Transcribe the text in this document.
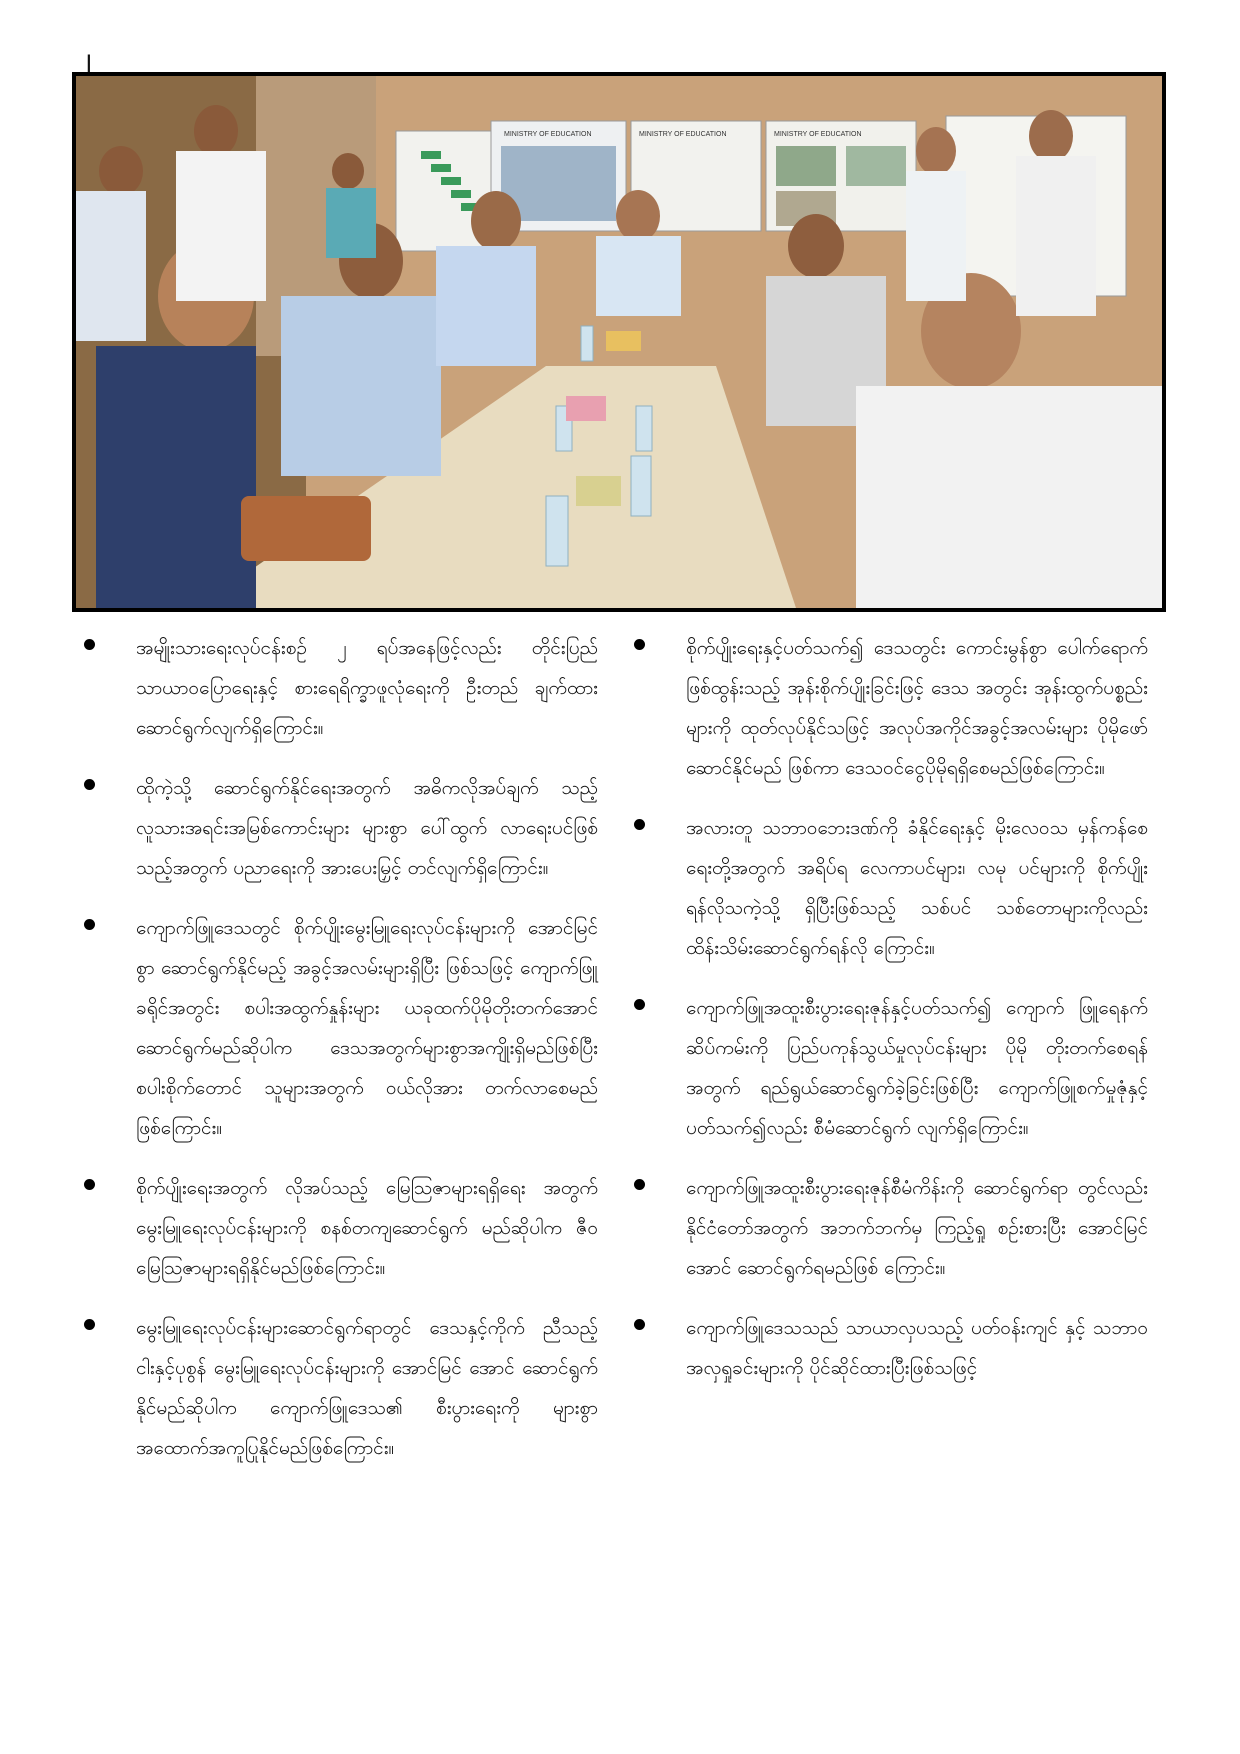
၂
MINISTRY OF EDUCATION	MINISTRY OF EDUCATION	MINISTRY OF EDUCATION
အမျိုးသားရေးလုပ်ငန်းစဉ် ၂ ရပ်အနေဖြင့်လည်း တိုင်းပြည် သာယာဝပြောရေးနှင့် စားရေရိက္ခာဖူလုံရေးကို ဦးတည် ချက်ထား ဆောင်ရွက်လျက်ရှိကြောင်း။
ထိုကဲ့သို့ ဆောင်ရွက်နိုင်ရေးအတွက် အဓိကလိုအပ်ချက် သည့် လူသားအရင်းအမြစ်ကောင်းများ များစွာ ပေါ်ထွက် လာရေးပင်ဖြစ်သည့်အတွက် ပညာရေးကို အားပေးမြှင့် တင်လျက်ရှိကြောင်း။
ကျောက်ဖြူဒေသတွင် စိုက်ပျိုးမွေးမြူရေးလုပ်ငန်းများကို အောင်မြင်စွာ ဆောင်ရွက်နိုင်မည့် အခွင့်အလမ်းများရှိပြီး ဖြစ်သဖြင့် ကျောက်ဖြူခရိုင်အတွင်း စပါးအထွက်နှုန်းများ ယခုထက်ပိုမိုတိုးတက်အောင် ဆောင်ရွက်မည်ဆိုပါက ဒေသအတွက်များစွာအကျိုးရှိမည်ဖြစ်ပြီး စပါးစိုက်တောင် သူများအတွက် ဝယ်လိုအား တက်လာစေမည်ဖြစ်ကြောင်း။
စိုက်ပျိုးရေးအတွက် လိုအပ်သည့် မြေဩဇာများရရှိရေး အတွက် မွေးမြူရေးလုပ်ငန်းများကို စနစ်တကျဆောင်ရွက် မည်ဆိုပါက ဇီဝမြေဩဇာများရရှိနိုင်မည်ဖြစ်ကြောင်း။
မွေးမြူရေးလုပ်ငန်းများဆောင်ရွက်ရာတွင် ဒေသနှင့်ကိုက် ညီသည့် ငါးနှင့်ပုစွန် မွေးမြူရေးလုပ်ငန်းများကို အောင်မြင် အောင် ဆောင်ရွက်နိုင်မည်ဆိုပါက ကျောက်ဖြူဒေသ၏ စီးပွားရေးကို များစွာအထောက်အကူပြုနိုင်မည်ဖြစ်ကြောင်း။
စိုက်ပျိုးရေးနှင့်ပတ်သက်၍ ဒေသတွင်း ကောင်းမွန်စွာ ပေါက်ရောက်ဖြစ်ထွန်းသည့် အုန်းစိုက်ပျိုးခြင်းဖြင့် ဒေသ အတွင်း အုန်းထွက်ပစ္စည်းများကို ထုတ်လုပ်နိုင်သဖြင့် အလုပ်အကိုင်အခွင့်အလမ်းများ ပိုမိုဖော်ဆောင်နိုင်မည် ဖြစ်ကာ ဒေသဝင်ငွေပိုမိုရရှိစေမည်ဖြစ်ကြောင်း။
အလားတူ သဘာဝဘေးဒဏ်ကို ခံနိုင်ရေးနှင့် မိုးလေဝသ မှန်ကန်စေရေးတို့အတွက် အရိပ်ရ လေကာပင်များ၊ လမု ပင်များကို စိုက်ပျိုးရန်လိုသကဲ့သို့ ရှိပြီးဖြစ်သည့် သစ်ပင် သစ်တောများကိုလည်း ထိန်းသိမ်းဆောင်ရွက်ရန်လို ကြောင်း။
ကျောက်ဖြူအထူးစီးပွားရေးဇုန်နှင့်ပတ်သက်၍ ကျောက် ဖြူရေနက်ဆိပ်ကမ်းကို ပြည်ပကုန်သွယ်မှုလုပ်ငန်းများ ပိုမို တိုးတက်စေရန်အတွက် ရည်ရွယ်ဆောင်ရွက်ခဲ့ခြင်းဖြစ်ပြီး ကျောက်ဖြူစက်မှုဇုံနှင့်ပတ်သက်၍လည်း စီမံဆောင်ရွက် လျက်ရှိကြောင်း။
ကျောက်ဖြူအထူးစီးပွားရေးဇုန်စီမံကိန်းကို ဆောင်ရွက်ရာ တွင်လည်း နိုင်ငံတော်အတွက် အဘက်ဘက်မှ ကြည့်ရှု စဉ်းစားပြီး အောင်မြင်အောင် ဆောင်ရွက်ရမည်ဖြစ် ကြောင်း။
ကျောက်ဖြူဒေသသည် သာယာလှပသည့် ပတ်ဝန်းကျင် နှင့် သဘာဝအလှရှုခင်းများကို ပိုင်ဆိုင်ထားပြီးဖြစ်သဖြင့်
